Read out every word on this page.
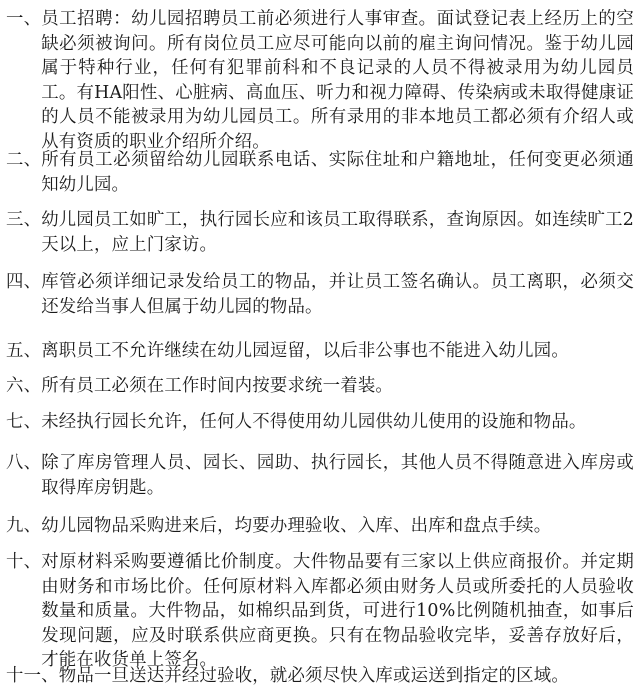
一、 员工招聘：幼儿园招聘员工前必须进行人事审查。面试登记表上经历上的空缺必须被询问。所有岗位员工应尽可能向以前的雇主询问情况。鉴于幼儿园属于特种行业，任何有犯罪前科和不良记录的人员不得被录用为幼儿园员工。有HA阳性、心脏病、高血压、听力和视力障碍、传染病或未取得健康证的人员不能被录用为幼儿园员工。所有录用的非本地员工都必须有介绍人或从有资质的职业介绍所介绍。
二、 所有员工必须留给幼儿园联系电话、实际住址和户籍地址，任何变更必须通知幼儿园。
三、 幼儿园员工如旷工，执行园长应和该员工取得联系，查询原因。如连续旷工2天以上，应上门家访。
四、 库管必须详细记录发给员工的物品，并让员工签名确认。员工离职，必须交还发给当事人但属于幼儿园的物品。
五、 离职员工不允许继续在幼儿园逗留，以后非公事也不能进入幼儿园。
六、 所有员工必须在工作时间内按要求统一着装。
七、 未经执行园长允许，任何人不得使用幼儿园供幼儿使用的设施和物品。
八、 除了库房管理人员、园长、园助、执行园长，其他人员不得随意进入库房或取得库房钥匙。
九、 幼儿园物品采购进来后，均要办理验收、入库、出库和盘点手续。
十、 对原材料采购要遵循比价制度。大件物品要有三家以上供应商报价。并定期由财务和市场比价。任何原材料入库都必须由财务人员或所委托的人员验收数量和质量。大件物品，如棉织品到货，可进行10%比例随机抽查，如事后发现问题，应及时联系供应商更换。只有在物品验收完毕，妥善存放好后，才能在收货单上签名。
十一、 物品一旦送达并经过验收，就必须尽快入库或运送到指定的区域。
